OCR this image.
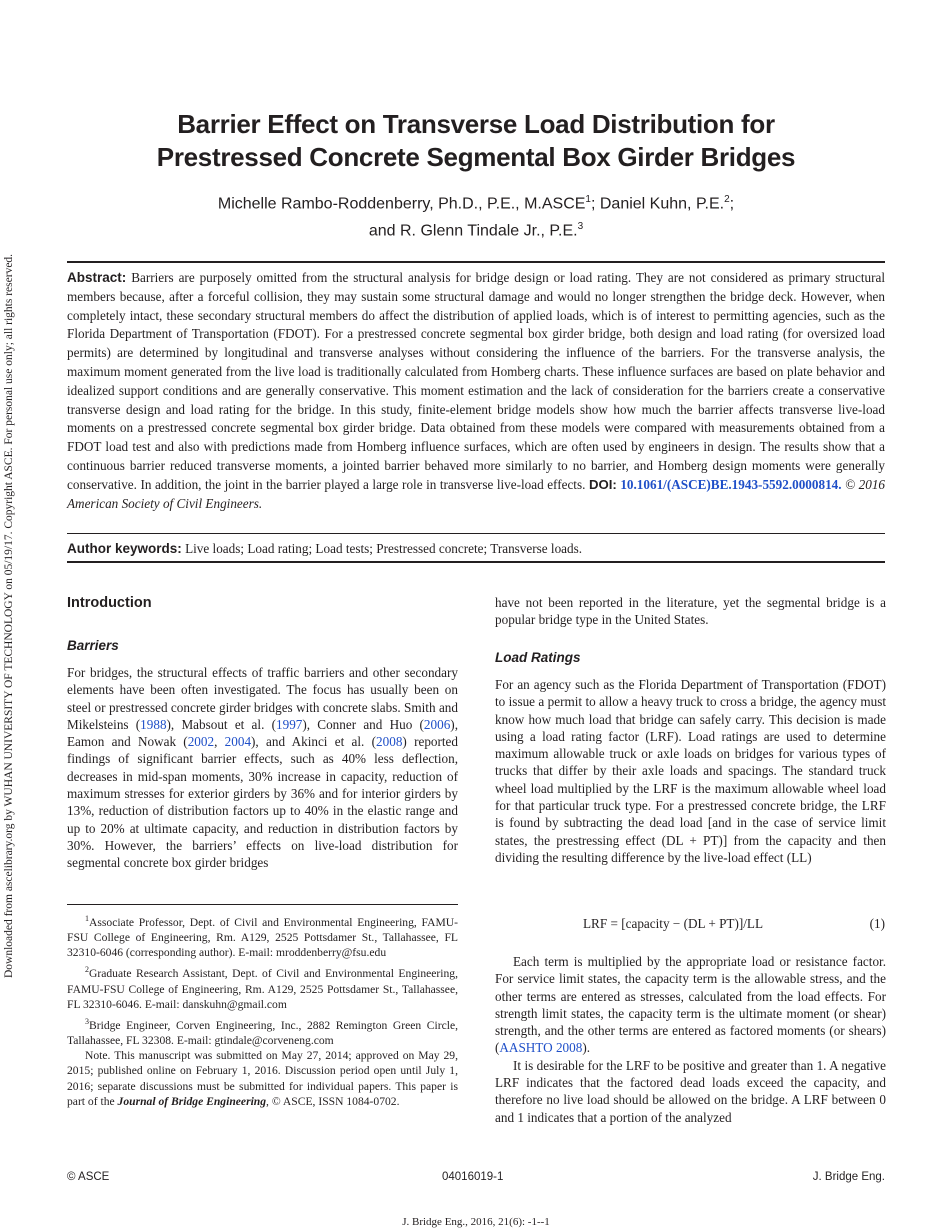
Downloaded from ascelibrary.org by WUHAN UNIVERSITY OF TECHNOLOGY on 05/19/17. Copyright ASCE. For personal use only; all rights reserved.
Barrier Effect on Transverse Load Distribution for
Prestressed Concrete Segmental Box Girder Bridges
Michelle Rambo-Roddenberry, Ph.D., P.E., M.ASCE$^1$; Daniel Kuhn, P.E.$^2$;
and R. Glenn Tindale Jr., P.E.$^3$
Abstract: Barriers are purposely omitted from the structural analysis for bridge design or load rating. They are not considered as primary structural members because, after a forceful collision, they may sustain some structural damage and would no longer strengthen the bridge deck. However, when completely intact, these secondary structural members do affect the distribution of applied loads, which is of interest to permitting agencies, such as the Florida Department of Transportation (FDOT). For a prestressed concrete segmental box girder bridge, both design and load rating (for oversized load permits) are determined by longitudinal and transverse analyses without considering the influence of the barriers. For the transverse analysis, the maximum moment generated from the live load is traditionally calculated from Homberg charts. These influence surfaces are based on plate behavior and idealized support conditions and are generally conservative. This moment estimation and the lack of consideration for the barriers create a conservative transverse design and load rating for the bridge. In this study, finite-element bridge models show how much the barrier affects transverse live-load moments on a prestressed concrete segmental box girder bridge. Data obtained from these models were compared with measurements obtained from a FDOT load test and also with predictions made from Homberg influence surfaces, which are often used by engineers in design. The results show that a continuous barrier reduced transverse moments, a jointed barrier behaved more similarly to no barrier, and Homberg design moments were generally conservative. In addition, the joint in the barrier played a large role in transverse live-load effects. DOI: 10.1061/(ASCE)BE.1943-5592.0000814. © 2016 American Society of Civil Engineers.
Author keywords: Live loads; Load rating; Load tests; Prestressed concrete; Transverse loads.
Introduction
Barriers

For bridges, the structural effects of traffic barriers and other secondary elements have been often investigated. The focus has usually been on steel or prestressed concrete girder bridges with concrete slabs. Smith and Mikelsteins (1988), Mabsout et al. (1997), Conner and Huo (2006), Eamon and Nowak (2002, 2004), and Akinci et al. (2008) reported findings of significant barrier effects, such as 40% less deflection, decreases in mid-span moments, 30% increase in capacity, reduction of maximum stresses for exterior girders by 36% and for interior girders by 13%, reduction of distribution factors up to 40% in the elastic range and up to 20% at ultimate capacity, and reduction in distribution factors by 30%. However, the barriers’ effects on live-load distribution for segmental concrete box girder bridges

$^1$Associate Professor, Dept. of Civil and Environmental Engineering, FAMU-FSU College of Engineering, Rm. A129, 2525 Pottsdamer St., Tallahassee, FL 32310-6046 (corresponding author). E-mail: mroddenberry@fsu.edu

$^2$Graduate Research Assistant, Dept. of Civil and Environmental Engineering, FAMU-FSU College of Engineering, Rm. A129, 2525 Pottsdamer St., Tallahassee, FL 32310-6046. E-mail: danskuhn@gmail.com

$^3$Bridge Engineer, Corven Engineering, Inc., 2882 Remington Green Circle, Tallahassee, FL 32308. E-mail: gtindale@corveneng.com

Note. This manuscript was submitted on May 27, 2014; approved on May 29, 2015; published online on February 1, 2016. Discussion period open until July 1, 2016; separate discussions must be submitted for individual papers. This paper is part of the Journal of Bridge Engineering, © ASCE, ISSN 1084-0702.

have not been reported in the literature, yet the segmental bridge is a popular bridge type in the United States.

Load Ratings

For an agency such as the Florida Department of Transportation (FDOT) to issue a permit to allow a heavy truck to cross a bridge, the agency must know how much load that bridge can safely carry. This decision is made using a load rating factor (LRF). Load ratings are used to determine maximum allowable truck or axle loads on bridges for various types of trucks that differ by their axle loads and spacings. The standard truck wheel load multiplied by the LRF is the maximum allowable wheel load for that particular truck type. For a prestressed concrete bridge, the LRF is found by subtracting the dead load [and in the case of service limit states, the prestressing effect (DL + PT)] from the capacity and then dividing the resulting difference by the live-load effect (LL)

LRF = [capacity − (DL + PT)]/LL	(1)

Each term is multiplied by the appropriate load or resistance factor. For service limit states, the capacity term is the allowable stress, and the other terms are entered as stresses, calculated from the load effects. For strength limit states, the capacity term is the ultimate moment (or shear) strength, and the other terms are entered as factored moments (or shears) (AASHTO 2008).

It is desirable for the LRF to be positive and greater than 1. A negative LRF indicates that the factored dead loads exceed the capacity, and therefore no live load should be allowed on the bridge. A LRF between 0 and 1 indicates that a portion of the analyzed

© ASCE	04016019-1	J. Bridge Eng.
J. Bridge Eng., 2016, 21(6): -1--1
